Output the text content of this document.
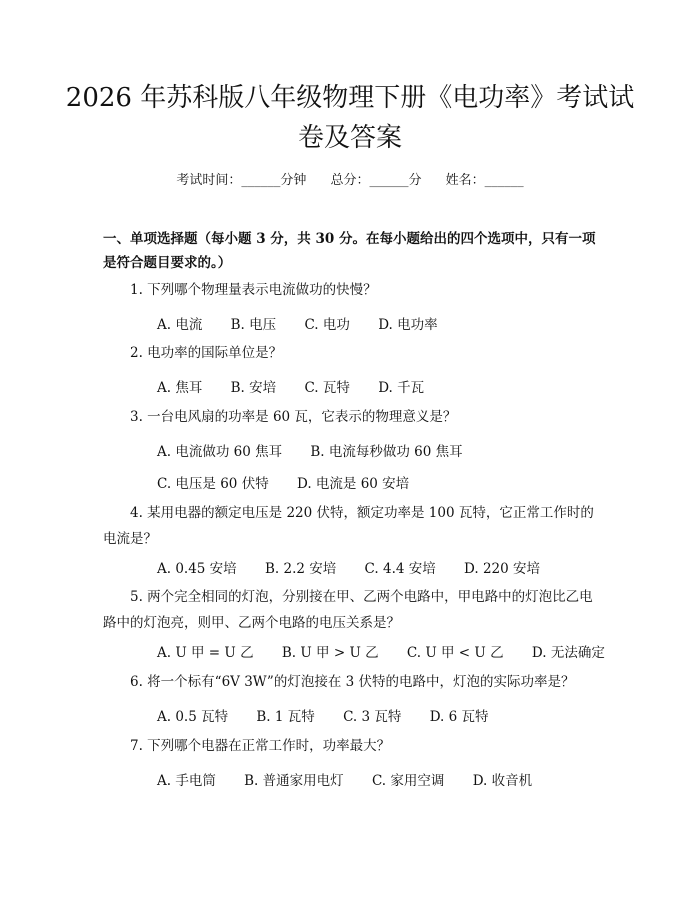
2026 年苏科版八年级物理下册《电功率》考试试卷及答案
考试时间：______分钟 总分：______分 姓名：______

一、单项选择题（每小题 3 分，共 30 分。在每小题给出的四个选项中，只有一项是符合题目要求的。）

1. 下列哪个物理量表示电流做功的快慢？

A. 电流 B. 电压 C. 电功 D. 电功率

2. 电功率的国际单位是？

A. 焦耳 B. 安培 C. 瓦特 D. 千瓦

3. 一台电风扇的功率是 60 瓦，它表示的物理意义是？

A. 电流做功 60 焦耳 B. 电流每秒做功 60 焦耳
C. 电压是 60 伏特 D. 电流是 60 安培

4. 某用电器的额定电压是 220 伏特，额定功率是 100 瓦特，它正常工作时的电流是？

A. 0.45 安培 B. 2.2 安培 C. 4.4 安培 D. 220 安培

5. 两个完全相同的灯泡，分别接在甲、乙两个电路中，甲电路中的灯泡比乙电路中的灯泡亮，则甲、乙两个电路的电压关系是？

A. U 甲 = U 乙 B. U 甲 > U 乙 C. U 甲 < U 乙 D. 无法确定

6. 将一个标有“6V 3W”的灯泡接在 3 伏特的电路中，灯泡的实际功率是？

A. 0.5 瓦特 B. 1 瓦特 C. 3 瓦特 D. 6 瓦特

7. 下列哪个电器在正常工作时，功率最大？

A. 手电筒 B. 普通家用电灯 C. 家用空调 D. 收音机
